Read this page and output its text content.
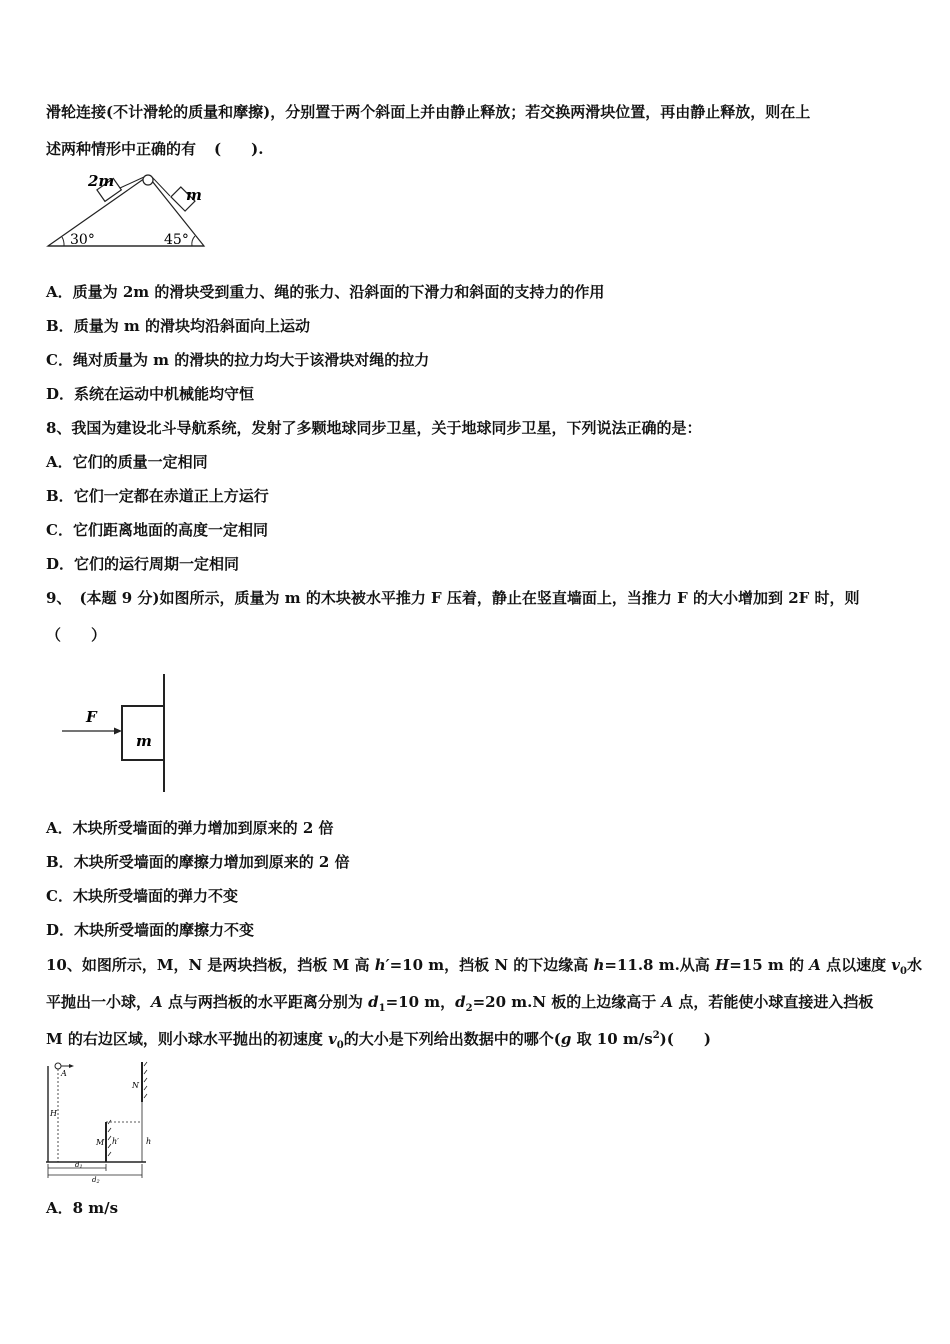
滑轮连接(不计滑轮的质量和摩擦)，分别置于两个斜面上并由静止释放；若交换两滑块位置，再由静止释放，则在上
述两种情形中正确的有 (　　).
2m
m
30°	45°
A．质量为 2m 的滑块受到重力、绳的张力、沿斜面的下滑力和斜面的支持力的作用
B．质量为 m 的滑块均沿斜面向上运动
C．绳对质量为 m 的滑块的拉力均大于该滑块对绳的拉力
D．系统在运动中机械能均守恒
8、我国为建设北斗导航系统，发射了多颗地球同步卫星，关于地球同步卫星，下列说法正确的是：
A．它们的质量一定相同
B．它们一定都在赤道正上方运行
C．它们距离地面的高度一定相同
D．它们的运行周期一定相同
9、 (本题 9 分)如图所示，质量为 m 的木块被水平推力 F 压着，静止在竖直墙面上，当推力 F 的大小增加到 2F 时，则
（　　）
F
m
A．木块所受墙面的弹力增加到原来的 2 倍
B．木块所受墙面的摩擦力增加到原来的 2 倍
C．木块所受墙面的弹力不变
D．木块所受墙面的摩擦力不变
10、如图所示，M，N 是两块挡板，挡板 M 高 h′=10 m，挡板 N 的下边缘高 h=11.8 m.从高 H=15 m 的 A 点以速度 $v_0$水
平抛出一小球，A 点与两挡板的水平距离分别为 $d_1=10$ m，$d_2=20$ m.N 板的上边缘高于 A 点，若能使小球直接进入挡板
M 的右边区域，则小球水平抛出的初速度 $v_0$的大小是下列给出数据中的哪个(g 取 10 $m/s^2$)(　　)
A
H
N
M h′	h
d1
d2
A．8 m/s
